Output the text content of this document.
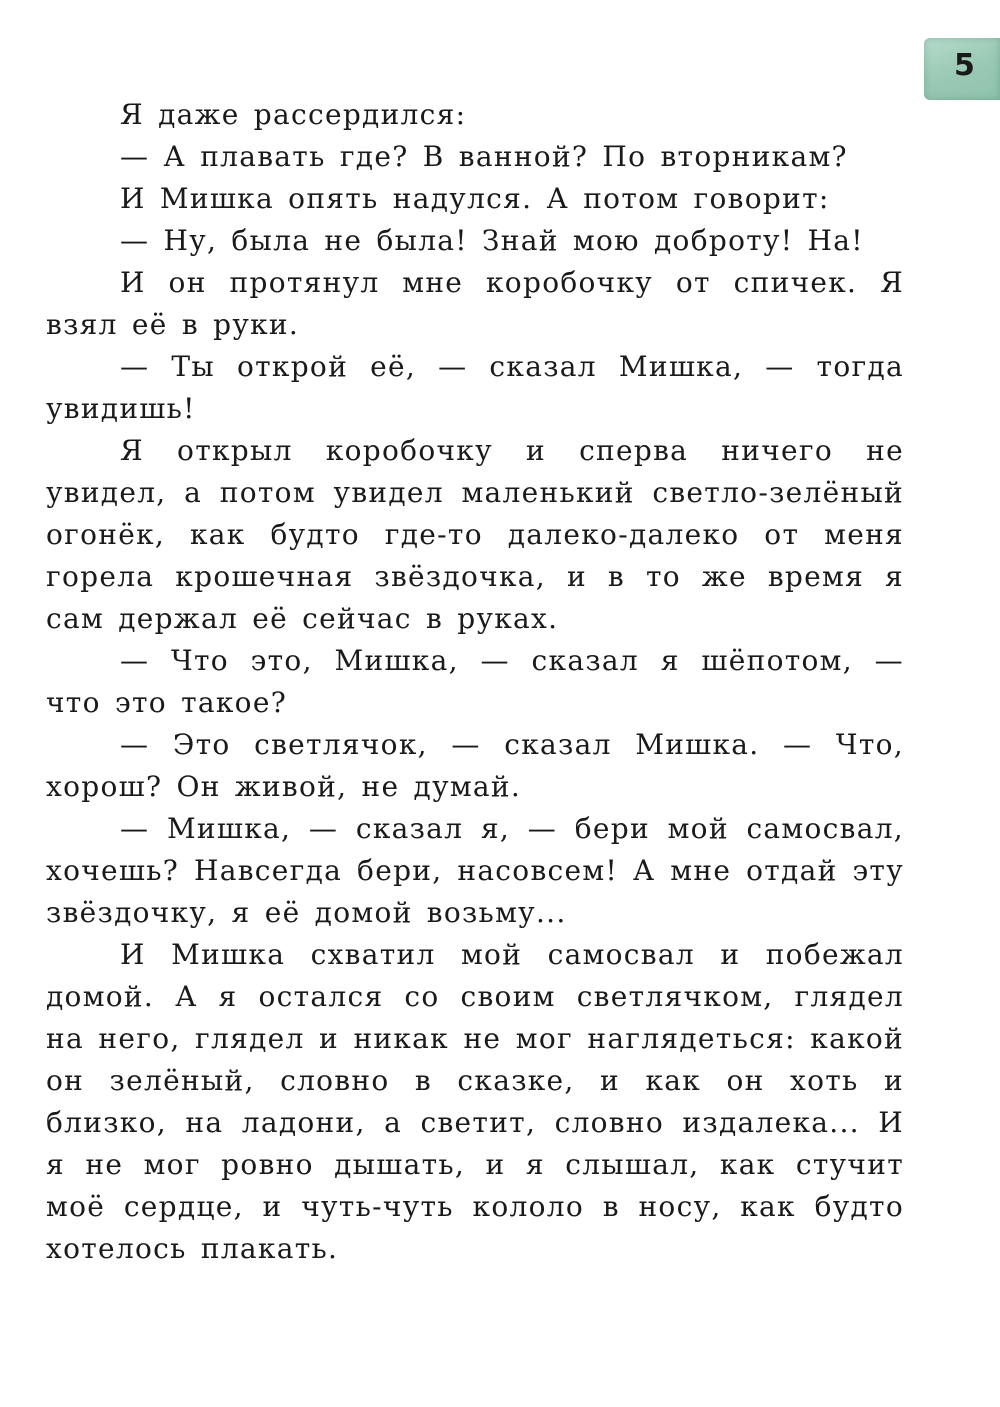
5

Я даже рассердился:

— А плавать где? В ванной? По вторникам?

И Мишка опять надулся. А потом говорит:

— Ну, была не была! Знай мою доброту! На!

И он протянул мне коробочку от спичек. Я взял её в руки.

— Ты открой её, — сказал Мишка, — тогда увидишь!

Я открыл коробочку и сперва ничего не увидел, а потом увидел маленький светло-зелёный огонёк, как будто где-то далеко-далеко от меня горела крошечная звёздочка, и в то же время я сам держал её сейчас в руках.

— Что это, Мишка, — сказал я шёпотом, — что это такое?

— Это светлячок, — сказал Мишка. — Что, хорош? Он живой, не думай.

— Мишка, — сказал я, — бери мой самосвал, хочешь? Навсегда бери, насовсем! А мне отдай эту звёздочку, я её домой возьму...

И Мишка схватил мой самосвал и побежал домой. А я остался со своим светлячком, глядел на него, глядел и никак не мог наглядеться: какой он зелёный, словно в сказке, и как он хоть и близко, на ладони, а светит, словно издалека... И я не мог ровно дышать, и я слышал, как стучит моё сердце, и чуть-чуть кололо в носу, как будто хотелось плакать.
